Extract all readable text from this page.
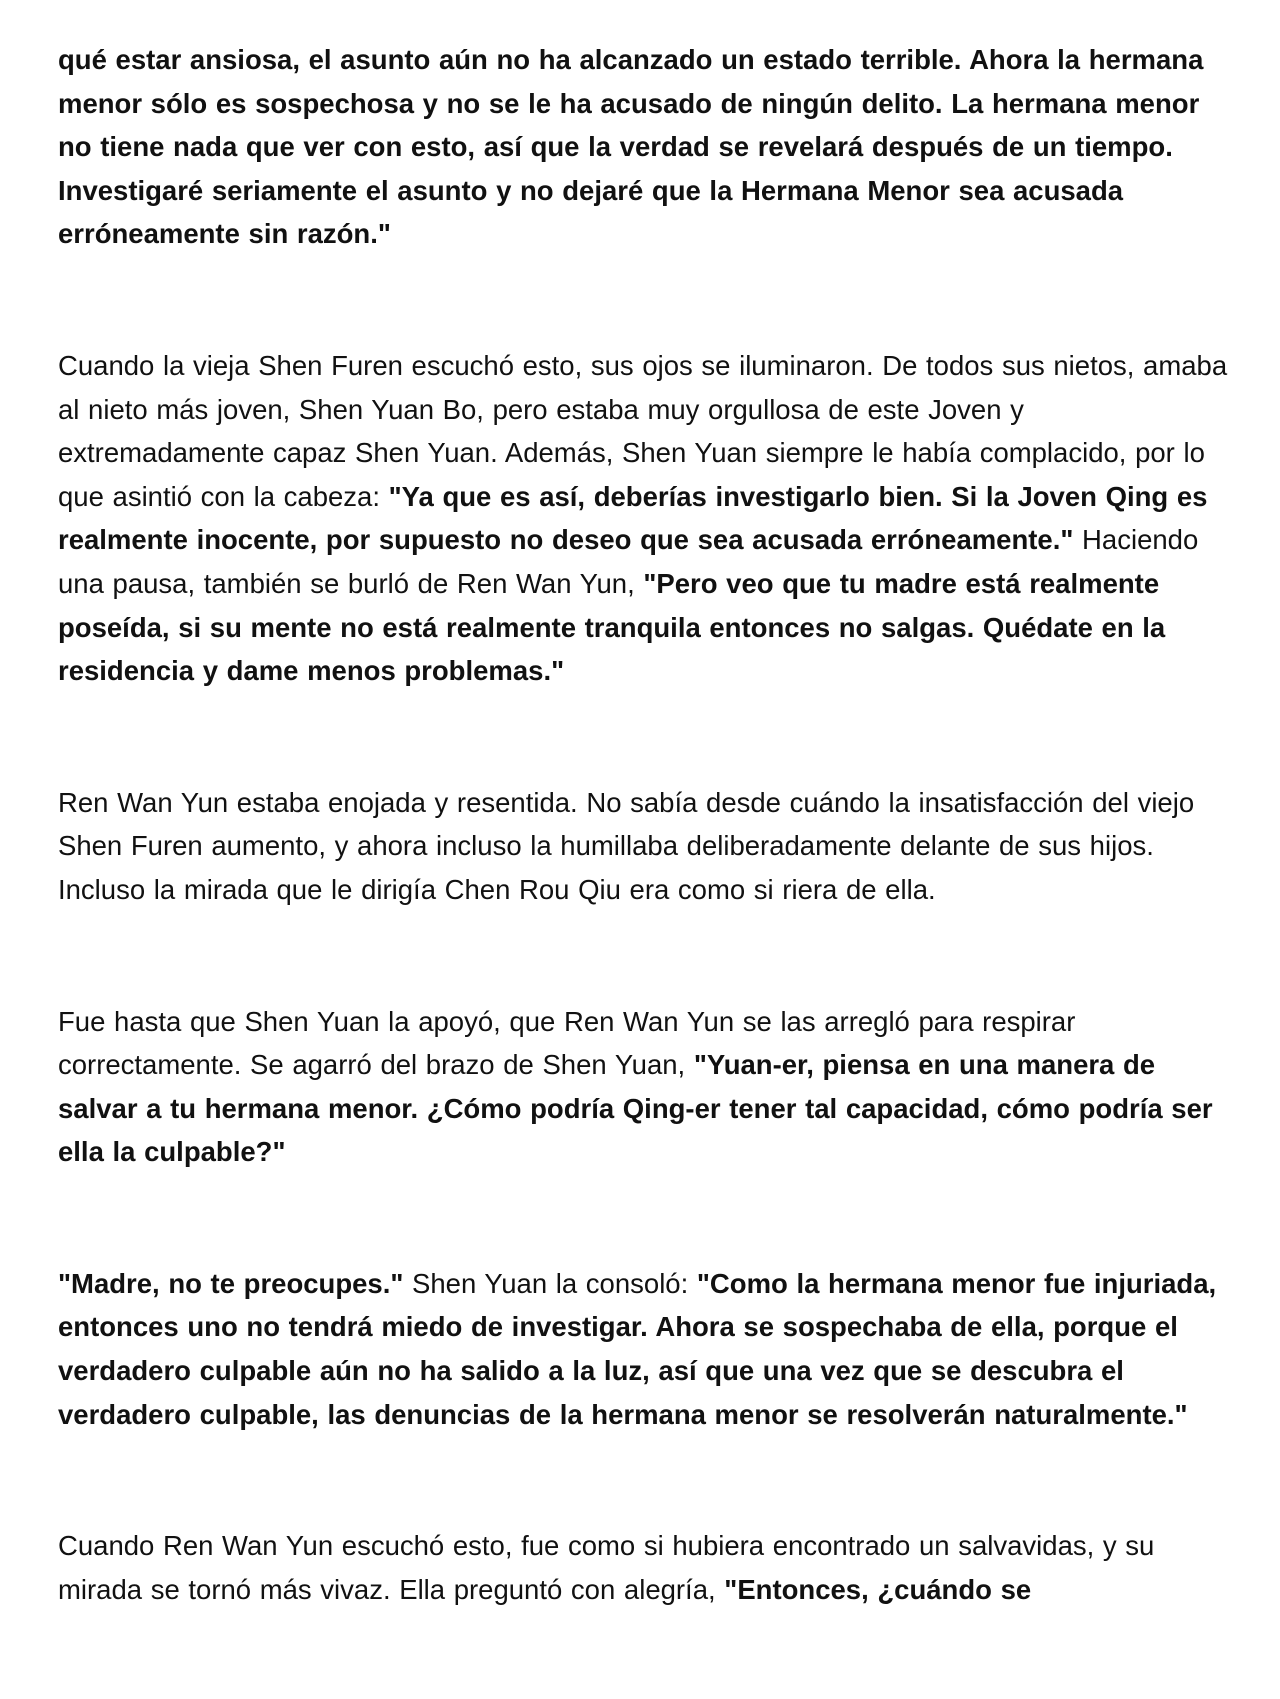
qué estar ansiosa, el asunto aún no ha alcanzado un estado terrible. Ahora la hermana menor sólo es sospechosa y no se le ha acusado de ningún delito. La hermana menor no tiene nada que ver con esto, así que la verdad se revelará después de un tiempo. Investigaré seriamente el asunto y no dejaré que la Hermana Menor sea acusada erróneamente sin razón."

Cuando la vieja Shen Furen escuchó esto, sus ojos se iluminaron. De todos sus nietos, amaba al nieto más joven, Shen Yuan Bo, pero estaba muy orgullosa de este Joven y extremadamente capaz Shen Yuan. Además, Shen Yuan siempre le había complacido, por lo que asintió con la cabeza: "Ya que es así, deberías investigarlo bien. Si la Joven Qing es realmente inocente, por supuesto no deseo que sea acusada erróneamente." Haciendo una pausa, también se burló de Ren Wan Yun, "Pero veo que tu madre está realmente poseída, si su mente no está realmente tranquila entonces no salgas. Quédate en la residencia y dame menos problemas."

Ren Wan Yun estaba enojada y resentida. No sabía desde cuándo la insatisfacción del viejo Shen Furen aumento, y ahora incluso la humillaba deliberadamente delante de sus hijos. Incluso la mirada que le dirigía Chen Rou Qiu era como si riera de ella.

Fue hasta que Shen Yuan la apoyó, que Ren Wan Yun se las arregló para respirar correctamente. Se agarró del brazo de Shen Yuan, "Yuan-er, piensa en una manera de salvar a tu hermana menor. ¿Cómo podría Qing-er tener tal capacidad, cómo podría ser ella la culpable?"

"Madre, no te preocupes." Shen Yuan la consoló: "Como la hermana menor fue injuriada, entonces uno no tendrá miedo de investigar. Ahora se sospechaba de ella, porque el verdadero culpable aún no ha salido a la luz, así que una vez que se descubra el verdadero culpable, las denuncias de la hermana menor se resolverán naturalmente."

Cuando Ren Wan Yun escuchó esto, fue como si hubiera encontrado un salvavidas, y su mirada se tornó más vivaz. Ella preguntó con alegría, "Entonces, ¿cuándo se
